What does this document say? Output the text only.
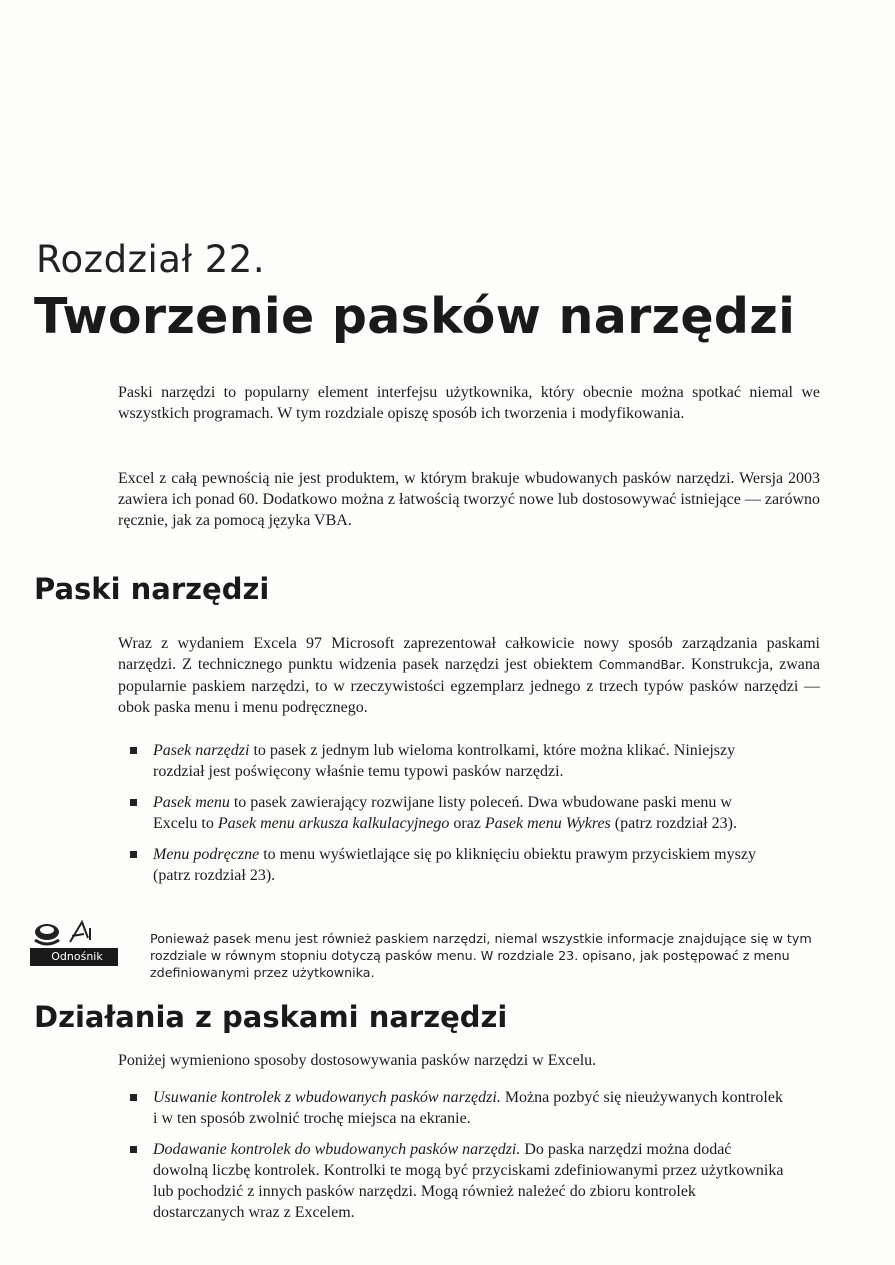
Rozdział 22.
Tworzenie pasków narzędzi

Paski narzędzi to popularny element interfejsu użytkownika, który obecnie można spotkać niemal we wszystkich programach. W tym rozdziale opiszę sposób ich tworzenia i modyfikowania.

Excel z całą pewnością nie jest produktem, w którym brakuje wbudowanych pasków narzędzi. Wersja 2003 zawiera ich ponad 60. Dodatkowo można z łatwością tworzyć nowe lub dostosowywać istniejące — zarówno ręcznie, jak za pomocą języka VBA.

Paski narzędzi

Wraz z wydaniem Excela 97 Microsoft zaprezentował całkowicie nowy sposób zarządzania paskami narzędzi. Z technicznego punktu widzenia pasek narzędzi jest obiektem CommandBar. Konstrukcja, zwana popularnie paskiem narzędzi, to w rzeczywistości egzemplarz jednego z trzech typów pasków narzędzi — obok paska menu i menu podręcznego.

Pasek narzędzi to pasek z jednym lub wieloma kontrolkami, które można klikać. Niniejszy rozdział jest poświęcony właśnie temu typowi pasków narzędzi.
Pasek menu to pasek zawierający rozwijane listy poleceń. Dwa wbudowane paski menu w Excelu to Pasek menu arkusza kalkulacyjnego oraz Pasek menu Wykres (patrz rozdział 23).
Menu podręczne to menu wyświetlające się po kliknięciu obiektu prawym przyciskiem myszy (patrz rozdział 23).
Odnośnik

Ponieważ pasek menu jest również paskiem narzędzi, niemal wszystkie informacje znajdujące się w tym rozdziale w równym stopniu dotyczą pasków menu. W rozdziale 23. opisano, jak postępować z menu zdefiniowanymi przez użytkownika.

Działania z paskami narzędzi

Poniżej wymieniono sposoby dostosowywania pasków narzędzi w Excelu.

Usuwanie kontrolek z wbudowanych pasków narzędzi. Można pozbyć się nieużywanych kontrolek i w ten sposób zwolnić trochę miejsca na ekranie.
Dodawanie kontrolek do wbudowanych pasków narzędzi. Do paska narzędzi można dodać dowolną liczbę kontrolek. Kontrolki te mogą być przyciskami zdefiniowanymi przez użytkownika lub pochodzić z innych pasków narzędzi. Mogą również należeć do zbioru kontrolek dostarczanych wraz z Excelem.
